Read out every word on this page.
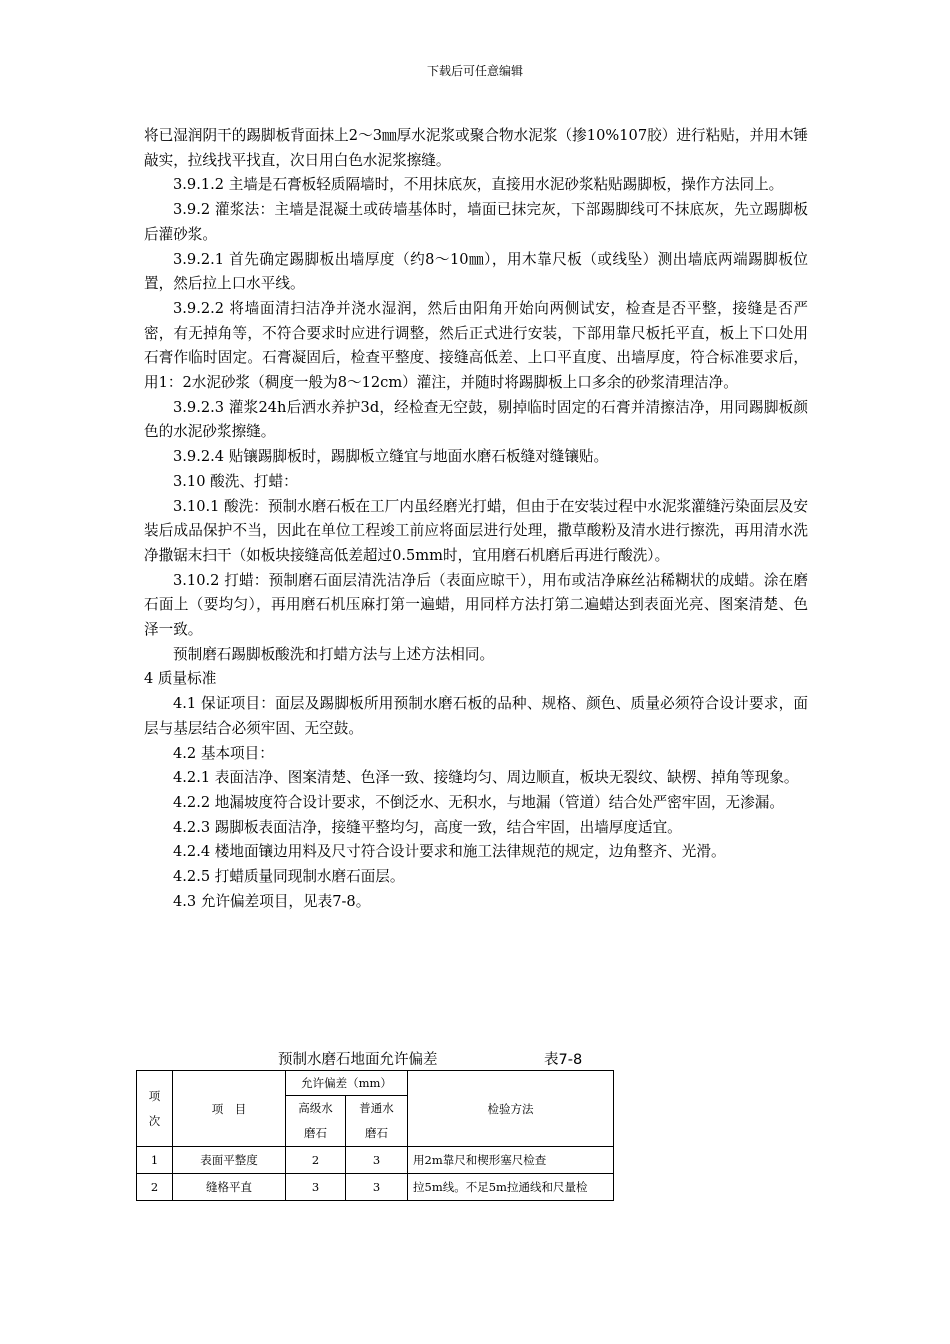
下载后可任意编辑

将已湿润阴干的踢脚板背面抹上2～3㎜厚水泥浆或聚合物水泥浆（掺10%107胶）进行粘贴，并用木锤敲实，拉线找平找直，次日用白色水泥浆擦缝。

3.9.1.2 主墙是石膏板轻质隔墙时，不用抹底灰，直接用水泥砂浆粘贴踢脚板，操作方法同上。

3.9.2 灌浆法：主墙是混凝土或砖墙基体时，墙面已抹完灰，下部踢脚线可不抹底灰，先立踢脚板后灌砂浆。

3.9.2.1 首先确定踢脚板出墙厚度（约8～10㎜），用木靠尺板（或线坠）测出墙底两端踢脚板位置，然后拉上口水平线。

3.9.2.2 将墙面清扫洁净并浇水湿润，然后由阳角开始向两侧试安，检查是否平整，接缝是否严密，有无掉角等，不符合要求时应进行调整，然后正式进行安装，下部用靠尺板托平直，板上下口处用石膏作临时固定。石膏凝固后，检查平整度、接缝高低差、上口平直度、出墙厚度，符合标准要求后，用1：2水泥砂浆（稠度一般为8～12cm）灌注，并随时将踢脚板上口多余的砂浆清理洁净。

3.9.2.3 灌浆24h后洒水养护3d，经检查无空鼓，剔掉临时固定的石膏并清擦洁净，用同踢脚板颜色的水泥砂浆擦缝。

3.9.2.4 贴镶踢脚板时，踢脚板立缝宜与地面水磨石板缝对缝镶贴。

3.10 酸洗、打蜡：

3.10.1 酸洗：预制水磨石板在工厂内虽经磨光打蜡，但由于在安装过程中水泥浆灌缝污染面层及安装后成品保护不当，因此在单位工程竣工前应将面层进行处理，撒草酸粉及清水进行擦洗，再用清水洗净撒锯末扫干（如板块接缝高低差超过0.5mm时，宜用磨石机磨后再进行酸洗）。

3.10.2 打蜡：预制磨石面层清洗洁净后（表面应晾干），用布或洁净麻丝沾稀糊状的成蜡。涂在磨石面上（要均匀），再用磨石机压麻打第一遍蜡，用同样方法打第二遍蜡达到表面光亮、图案清楚、色泽一致。

预制磨石踢脚板酸洗和打蜡方法与上述方法相同。

4 质量标准

4.1 保证项目：面层及踢脚板所用预制水磨石板的品种、规格、颜色、质量必须符合设计要求，面层与基层结合必须牢固、无空鼓。

4.2 基本项目：

4.2.1 表面洁净、图案清楚、色泽一致、接缝均匀、周边顺直，板块无裂纹、缺楞、掉角等现象。

4.2.2 地漏坡度符合设计要求，不倒泛水、无积水，与地漏（管道）结合处严密牢固，无渗漏。

4.2.3 踢脚板表面洁净，接缝平整均匀，高度一致，结合牢固，出墙厚度适宜。

4.2.4 楼地面镶边用料及尺寸符合设计要求和施工法律规范的规定，边角整齐、光滑。

4.2.5 打蜡质量同现制水磨石面层。

4.3 允许偏差项目，见表7-8。

预制水磨石地面允许偏差	表7-8
项次	项　目	允许偏差（mm）		检验方法

		高级水磨石	普通水磨石	

1	表面平整度	2	3	用2m靠尺和楔形塞尺检查
2	缝格平直	3	3	拉5m线。不足5m拉通线和尺量检
